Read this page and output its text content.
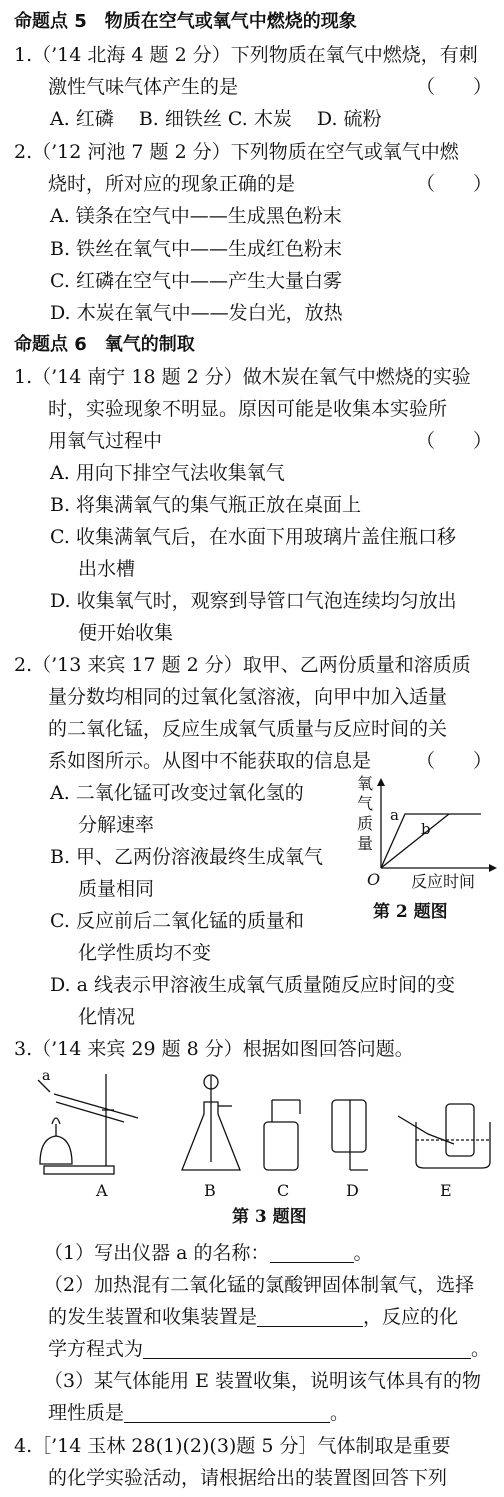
命题点 5　物质在空气或氧气中燃烧的现象
1.（’14 北海 4 题 2 分）下列物质在氧气中燃烧，有刺
激性气味气体产生的是	（　　）
A. 红磷　 B. 细铁丝 C. 木炭　 D. 硫粉
2.（’12 河池 7 题 2 分）下列物质在空气或氧气中燃
烧时，所对应的现象正确的是	（　　）
A. 镁条在空气中——生成黑色粉末
B. 铁丝在氧气中——生成红色粉末
C. 红磷在空气中——产生大量白雾
D. 木炭在氧气中——发白光，放热
命题点 6　氧气的制取
1.（’14 南宁 18 题 2 分）做木炭在氧气中燃烧的实验
时，实验现象不明显。原因可能是收集本实验所
用氧气过程中	（　　）
A. 用向下排空气法收集氧气
B. 将集满氧气的集气瓶正放在桌面上
C. 收集满氧气后，在水面下用玻璃片盖住瓶口移
出水槽
D. 收集氧气时，观察到导管口气泡连续均匀放出
便开始收集
2.（’13 来宾 17 题 2 分）取甲、乙两份质量和溶质质
量分数均相同的过氧化氢溶液，向甲中加入适量
的二氧化锰，反应生成氧气质量与反应时间的关
系如图所示。从图中不能获取的信息是	（　　）
A. 二氧化锰可改变过氧化氢的
分解速率
B. 甲、乙两份溶液最终生成氧气
质量相同
C. 反应前后二氧化锰的质量和
化学性质均不变
D. a 线表示甲溶液生成氧气质量随反应时间的变
化情况
氧
气
质
量
a
b
O 反应时间
第 2 题图
3.（’14 来宾 29 题 8 分）根据如图回答问题。
a
A	B	C	D	E
第 3 题图
（1）写出仪器 a 的名称：	。
（2）加热混有二氧化锰的氯酸钾固体制氧气，选择
的发生装置和收集装置是	，反应的化
学方程式为	。
（3）某气体能用 E 装置收集，说明该气体具有的物
理性质是	。
4.［’14 玉林 28(1)(2)(3)题 5 分］气体制取是重要
的化学实验活动，请根据给出的装置图回答下列
